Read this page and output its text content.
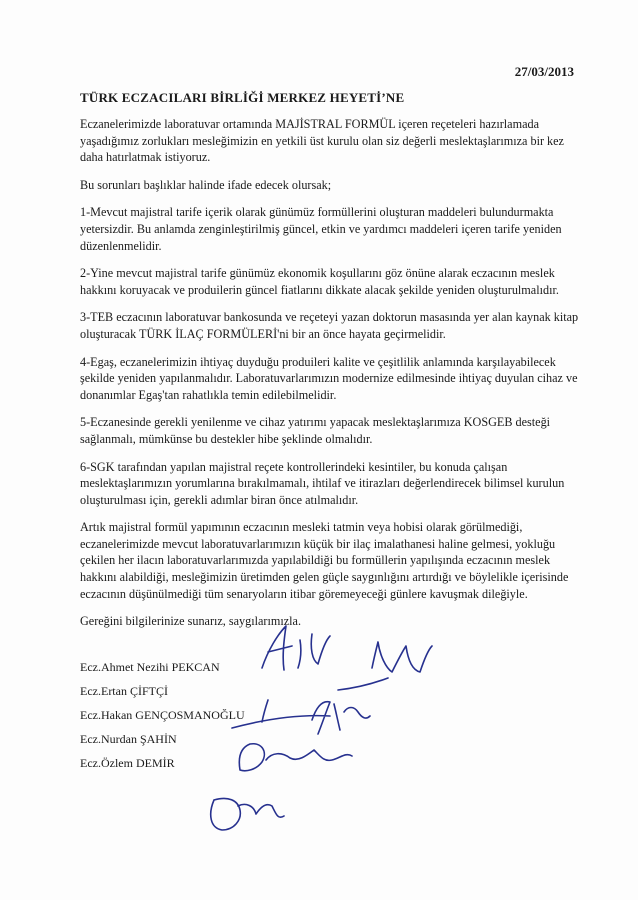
27/03/2013
TÜRK ECZACILARI BİRLİĞİ MERKEZ HEYETİ’NE

Eczanelerimizde laboratuvar ortamında MAJİSTRAL FORMÜL içeren reçeteleri hazırlamada yaşadığımız zorlukları mesleğimizin en yetkili üst kurulu olan siz değerli meslektaşlarımıza bir kez daha hatırlatmak istiyoruz.

Bu sorunları başlıklar halinde ifade edecek olursak;

1-Mevcut majistral tarife içerik olarak günümüz formüllerini oluşturan maddeleri bulundurmakta yetersizdir. Bu anlamda zenginleştirilmiş güncel, etkin ve yardımcı maddeleri içeren tarife yeniden düzenlenmelidir.

2-Yine mevcut majistral tarife günümüz ekonomik koşullarını göz önüne alarak eczacının meslek hakkını koruyacak ve produilerin güncel fiatlarını dikkate alacak şekilde yeniden oluşturulmalıdır.

3-TEB eczacının laboratuvar bankosunda ve reçeteyi yazan doktorun masasında yer alan kaynak kitap oluşturacak TÜRK İLAÇ FORMÜLERİ'ni bir an önce hayata geçirmelidir.

4-Egaş, eczanelerimizin ihtiyaç duyduğu produileri kalite ve çeşitlilik anlamında karşılayabilecek şekilde yeniden yapılanmalıdır. Laboratuvarlarımızın modernize edilmesinde ihtiyaç duyulan cihaz ve donanımlar Egaş'tan rahatlıkla temin edilebilmelidir.

5-Eczanesinde gerekli yenilenme ve cihaz yatırımı yapacak meslektaşlarımıza KOSGEB desteği sağlanmalı, mümkünse bu destekler hibe şeklinde olmalıdır.

6-SGK tarafından yapılan majistral reçete kontrollerindeki kesintiler, bu konuda çalışan meslektaşlarımızın yorumlarına bırakılmamalı, ihtilaf ve itirazları değerlendirecek bilimsel kurulun oluşturulması için, gerekli adımlar biran önce atılmalıdır.

Artık majistral formül yapımının eczacının mesleki tatmin veya hobisi olarak görülmediği, eczanelerimizde mevcut laboratuvarlarımızın küçük bir ilaç imalathanesi haline gelmesi, yokluğu çekilen her ilacın laboratuvarlarımızda yapılabildiği bu formüllerin yapılışında eczacının meslek hakkını alabildiği, mesleğimizin üretimden gelen güçle saygınlığını artırdığı ve böylelikle içerisinde eczacının düşünülmediği tüm senaryoların itibar göremeyeceği günlere kavuşmak dileğiyle.

Gereğini bilgilerinize sunarız, saygılarımızla.

Ecz.Ahmet Nezihi PEKCAN
Ecz.Ertan ÇİFTÇİ
Ecz.Hakan GENÇOSMANOĞLU
Ecz.Nurdan ŞAHİN
Ecz.Özlem DEMİR
